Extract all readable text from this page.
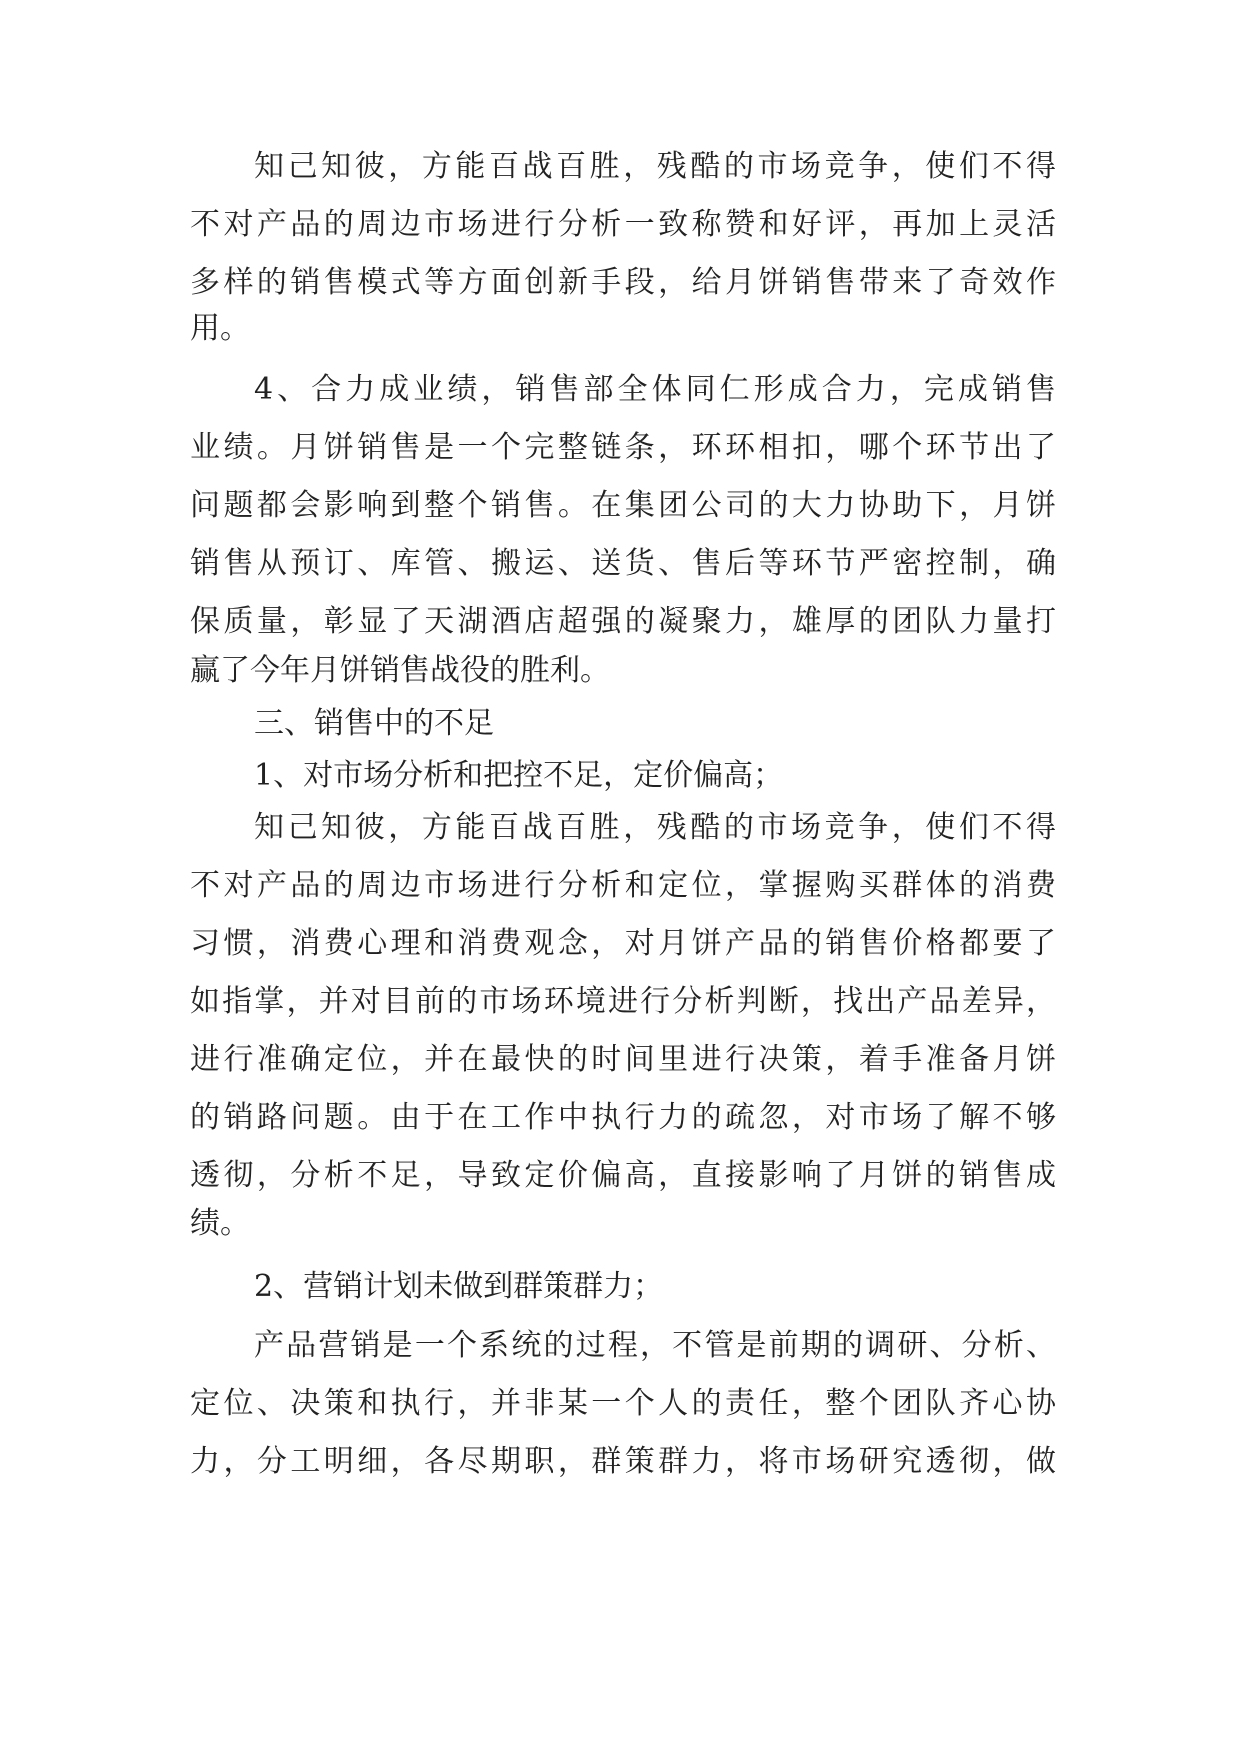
知己知彼，方能百战百胜，残酷的市场竞争，使们不得
不对产品的周边市场进行分析一致称赞和好评，再加上灵活
多样的销售模式等方面创新手段，给月饼销售带来了奇效作
用。
4、合力成业绩，销售部全体同仁形成合力，完成销售
业绩。月饼销售是一个完整链条，环环相扣，哪个环节出了
问题都会影响到整个销售。在集团公司的大力协助下，月饼
销售从预订、库管、搬运、送货、售后等环节严密控制，确
保质量，彰显了天湖酒店超强的凝聚力，雄厚的团队力量打
赢了今年月饼销售战役的胜利。
三、销售中的不足
1、对市场分析和把控不足，定价偏高；
知己知彼，方能百战百胜，残酷的市场竞争，使们不得
不对产品的周边市场进行分析和定位，掌握购买群体的消费
习惯，消费心理和消费观念，对月饼产品的销售价格都要了
如指掌，并对目前的市场环境进行分析判断，找出产品差异，
进行准确定位，并在最快的时间里进行决策，着手准备月饼
的销路问题。由于在工作中执行力的疏忽，对市场了解不够
透彻，分析不足，导致定价偏高，直接影响了月饼的销售成
绩。
2、营销计划未做到群策群力；
产品营销是一个系统的过程，不管是前期的调研、分析、
定位、决策和执行，并非某一个人的责任，整个团队齐心协
力，分工明细，各尽期职，群策群力，将市场研究透彻，做
